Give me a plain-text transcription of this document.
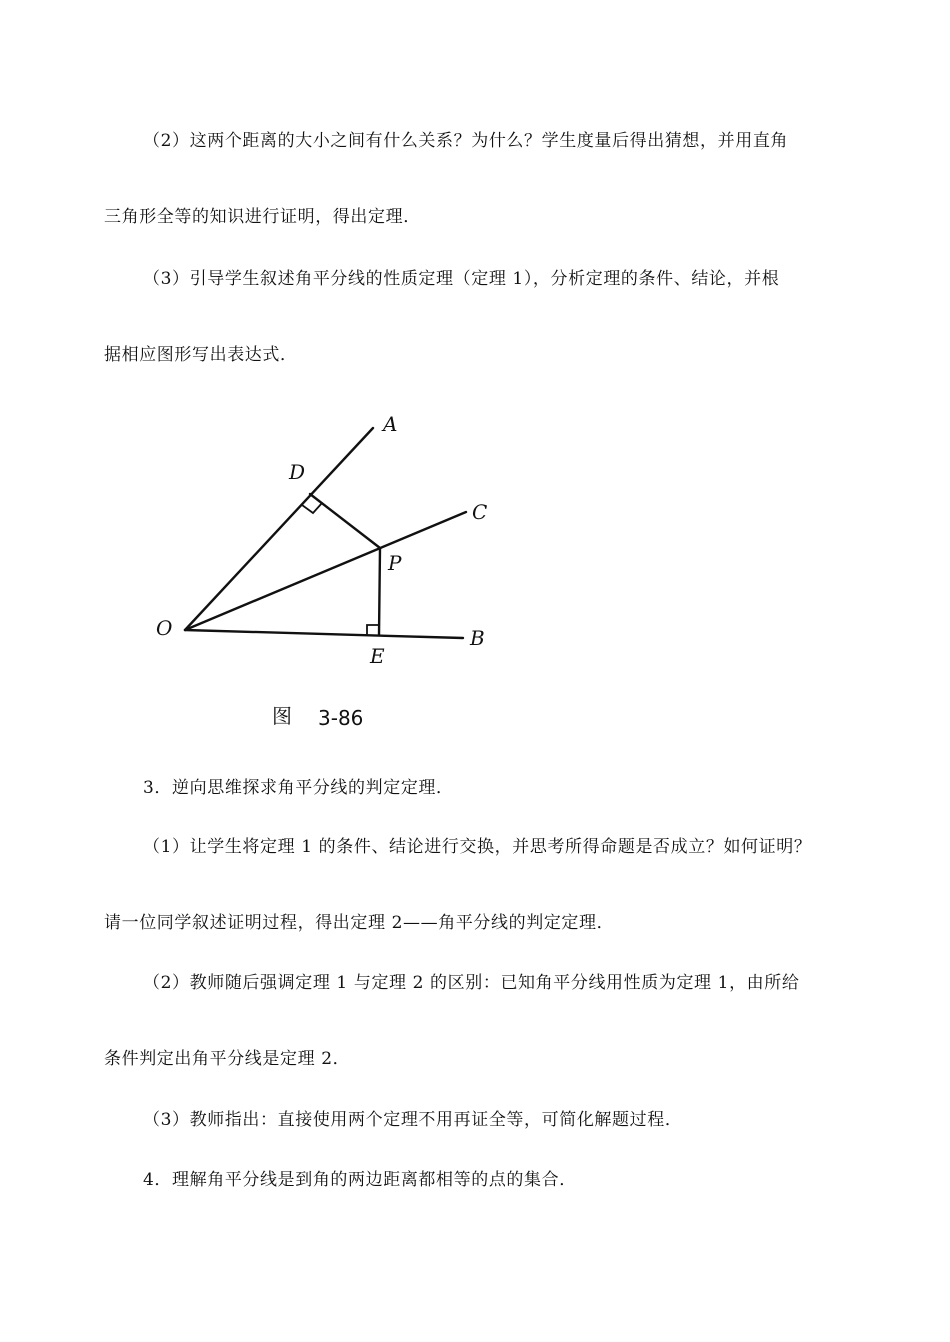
（2）这两个距离的大小之间有什么关系？为什么？学生度量后得出猜想，并用直角
三角形全等的知识进行证明，得出定理．
（3）引导学生叙述角平分线的性质定理（定理 1），分析定理的条件、结论，并根
据相应图形写出表达式．
A
D
C
P
O	B
E
图 3-86
3．逆向思维探求角平分线的判定定理．
（1）让学生将定理 1 的条件、结论进行交换，并思考所得命题是否成立？如何证明？
请一位同学叙述证明过程，得出定理 2——角平分线的判定定理．
（2）教师随后强调定理 1 与定理 2 的区别：已知角平分线用性质为定理 1，由所给
条件判定出角平分线是定理 2．
（3）教师指出：直接使用两个定理不用再证全等，可简化解题过程．
4．理解角平分线是到角的两边距离都相等的点的集合．
